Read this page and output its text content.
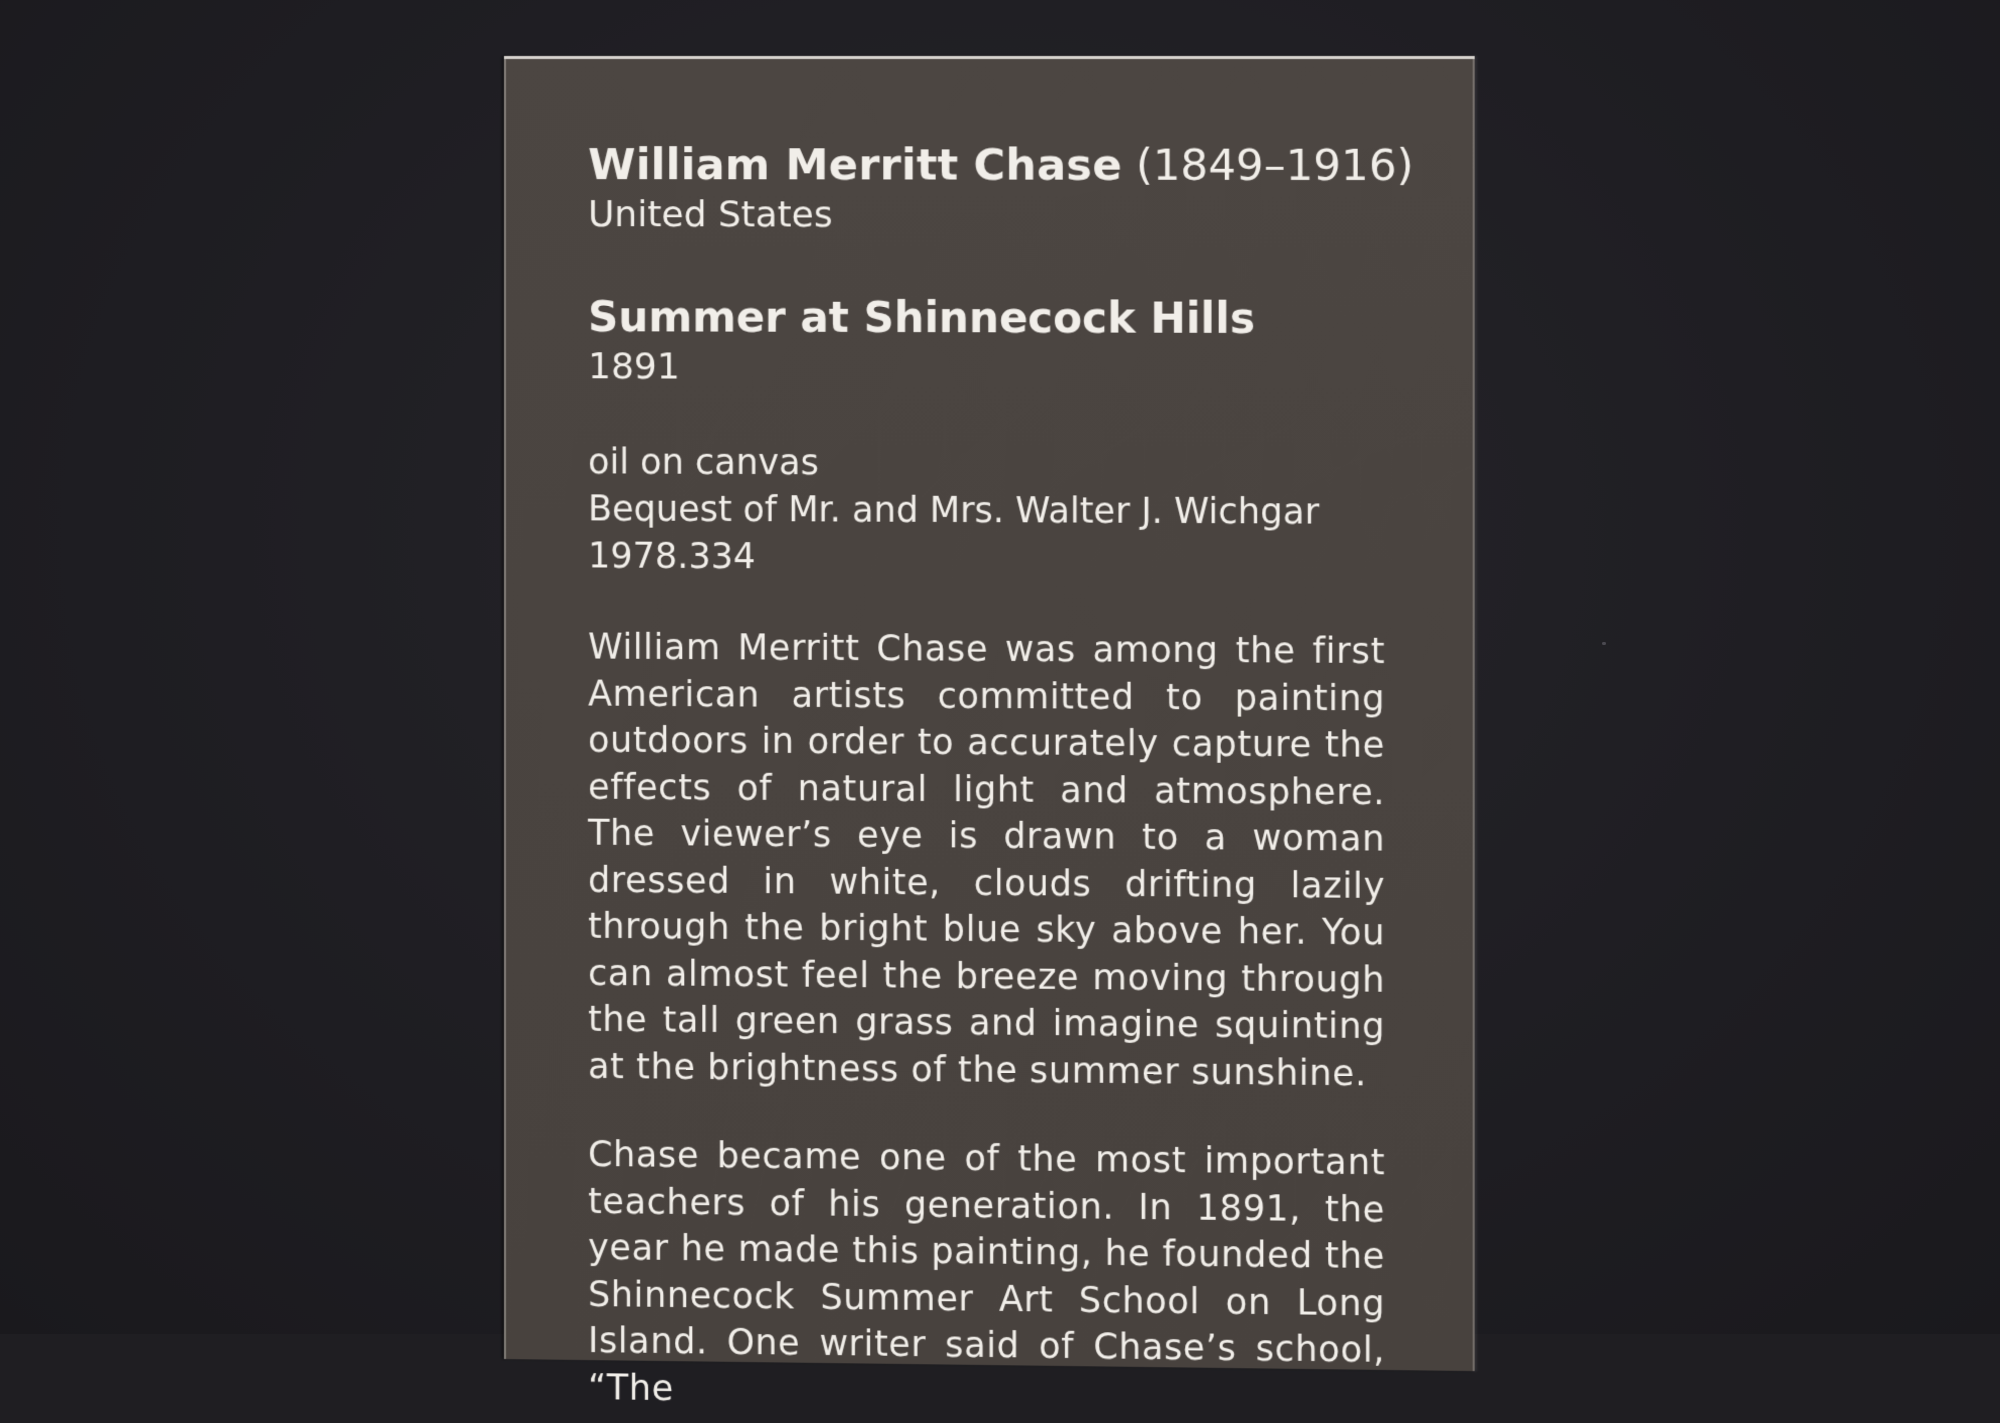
William Merritt Chase (1849–1916)
United States
Summer at Shinnecock Hills
1891
oil on canvas
Bequest of Mr. and Mrs. Walter J. Wichgar
1978.334
William Merritt Chase was among the first American artists committed to painting outdoors in order to accurately capture the effects of natural light and atmosphere. The viewer’s eye is drawn to a woman dressed in white, clouds drifting lazily through the bright blue sky above her. You can almost feel the breeze moving through the tall green grass and imagine squinting at the brightness of the summer sunshine.
Chase became one of the most important teachers of his generation. In 1891, the year he made this painting, he founded the Shinnecock Summer Art School on Long Island. One writer said of Chase’s school, “The
